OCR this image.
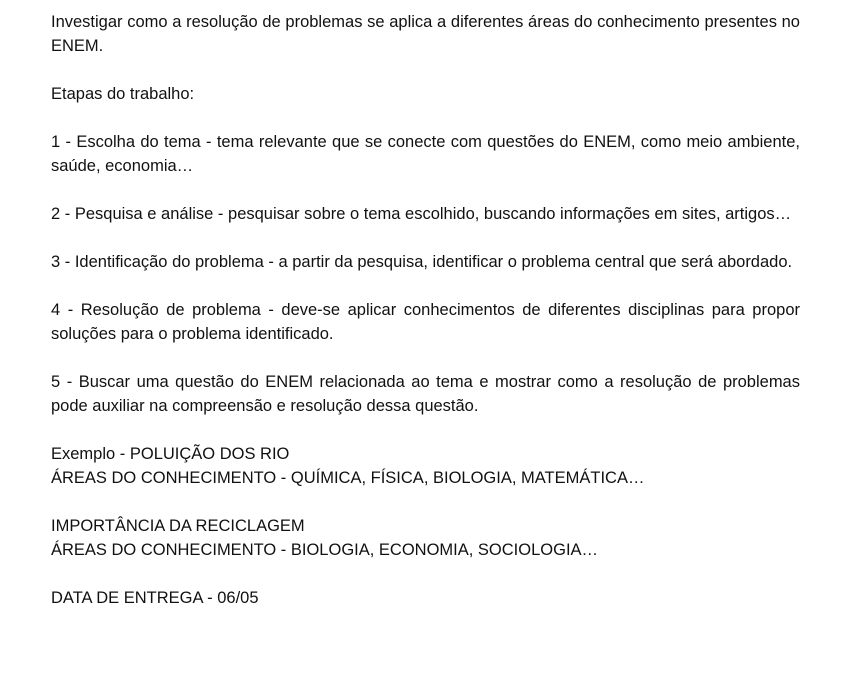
Investigar como a resolução de problemas se aplica a diferentes áreas do conhecimento presentes no ENEM.

Etapas do trabalho:

1 - Escolha do tema - tema relevante que se conecte com questões do ENEM, como meio ambiente, saúde, economia…

2 - Pesquisa e análise - pesquisar sobre o tema escolhido, buscando informações em sites, artigos…

3 - Identificação do problema - a partir da pesquisa, identificar o problema central que será abordado.

4 - Resolução de problema - deve-se aplicar conhecimentos de diferentes disciplinas para propor soluções para o problema identificado.

5 - Buscar uma questão do ENEM relacionada ao tema e mostrar como a resolução de problemas pode auxiliar na compreensão e resolução dessa questão.

Exemplo - POLUIÇÃO DOS RIO
ÁREAS DO CONHECIMENTO - QUÍMICA, FÍSICA, BIOLOGIA, MATEMÁTICA…

IMPORTÂNCIA DA RECICLAGEM
ÁREAS DO CONHECIMENTO - BIOLOGIA, ECONOMIA, SOCIOLOGIA…

DATA DE ENTREGA - 06/05
